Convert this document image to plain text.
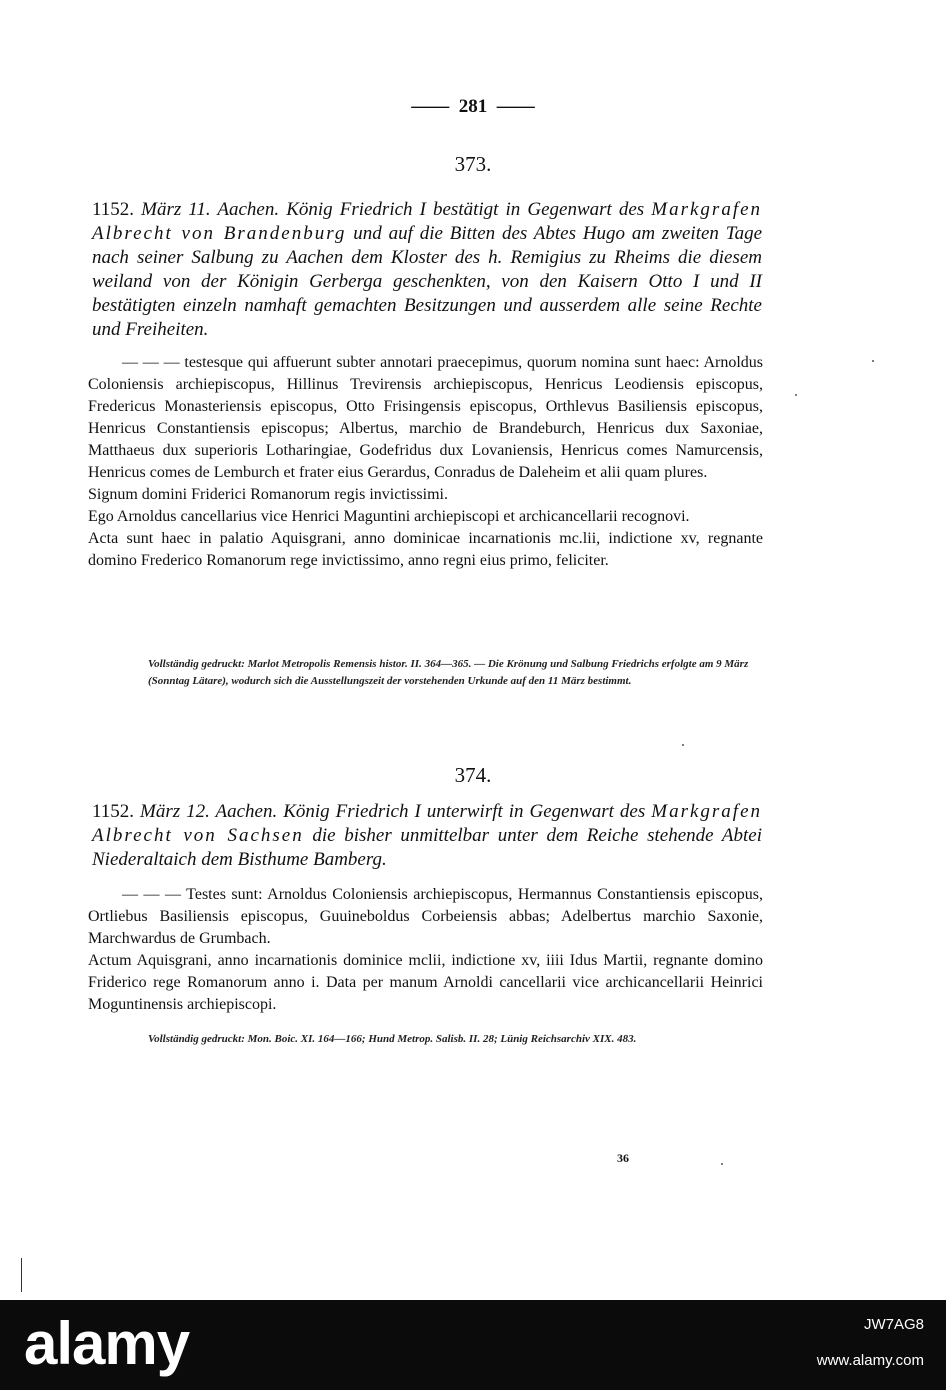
——  281  ——
373.
1152. März 11. Aachen. König Friedrich I bestätigt in Gegenwart des Markgrafen Albrecht von Brandenburg und auf die Bitten des Abtes Hugo am zweiten Tage nach seiner Salbung zu Aachen dem Kloster des h. Remigius zu Rheims die diesem weiland von der Königin Gerberga geschenkten, von den Kaisern Otto I und II bestätigten einzeln namhaft gemachten Besitzungen und ausserdem alle seine Rechte und Freiheiten.

— — — testesque qui affuerunt subter annotari praecepimus, quorum nomina sunt haec: Arnoldus Coloniensis archiepiscopus, Hillinus Trevirensis archiepiscopus, Henricus Leodiensis episcopus, Fredericus Monasteriensis episcopus, Otto Frisingensis episcopus, Orthlevus Basiliensis episcopus, Henricus Constantiensis episcopus; Albertus, marchio de Brandeburch, Henricus dux Saxoniae, Matthaeus dux superioris Lotharingiae, Godefridus dux Lovaniensis, Henricus comes Namurcensis, Henricus comes de Lemburch et frater eius Gerardus, Conradus de Daleheim et alii quam plures.

Signum domini Friderici Romanorum regis invictissimi.

Ego Arnoldus cancellarius vice Henrici Maguntini archiepiscopi et archicancellarii recognovi.

Acta sunt haec in palatio Aquisgrani, anno dominicae incarnationis mc.lii, indictione xv, regnante domino Frederico Romanorum rege invictissimo, anno regni eius primo, feliciter.

Vollständig gedruckt: Marlot Metropolis Remensis histor. II. 364—365. — Die Krönung und Salbung Friedrichs erfolgte am 9 März (Sonntag Lätare), wodurch sich die Ausstellungszeit der vorstehenden Urkunde auf den 11 März bestimmt.
374.
1152. März 12. Aachen. König Friedrich I unterwirft in Gegenwart des Markgrafen Albrecht von Sachsen die bisher unmittelbar unter dem Reiche stehende Abtei Niederaltaich dem Bisthume Bamberg.

— — — Testes sunt: Arnoldus Coloniensis archiepiscopus, Hermannus Constantiensis episcopus, Ortliebus Basiliensis episcopus, Guuineboldus Corbeiensis abbas; Adelbertus marchio Saxonie, Marchwardus de Grumbach.

Actum Aquisgrani, anno incarnationis dominice mclii, indictione xv, iiii Idus Martii, regnante domino Friderico rege Romanorum anno i. Data per manum Arnoldi cancellarii vice archicancellarii Heinrici Moguntinensis archiepiscopi.

Vollständig gedruckt: Mon. Boic. XI. 164—166; Hund Metrop. Salisb. II. 28; Lünig Reichsarchiv XIX. 483.
36
alamy	JW7AG8
www.alamy.com
